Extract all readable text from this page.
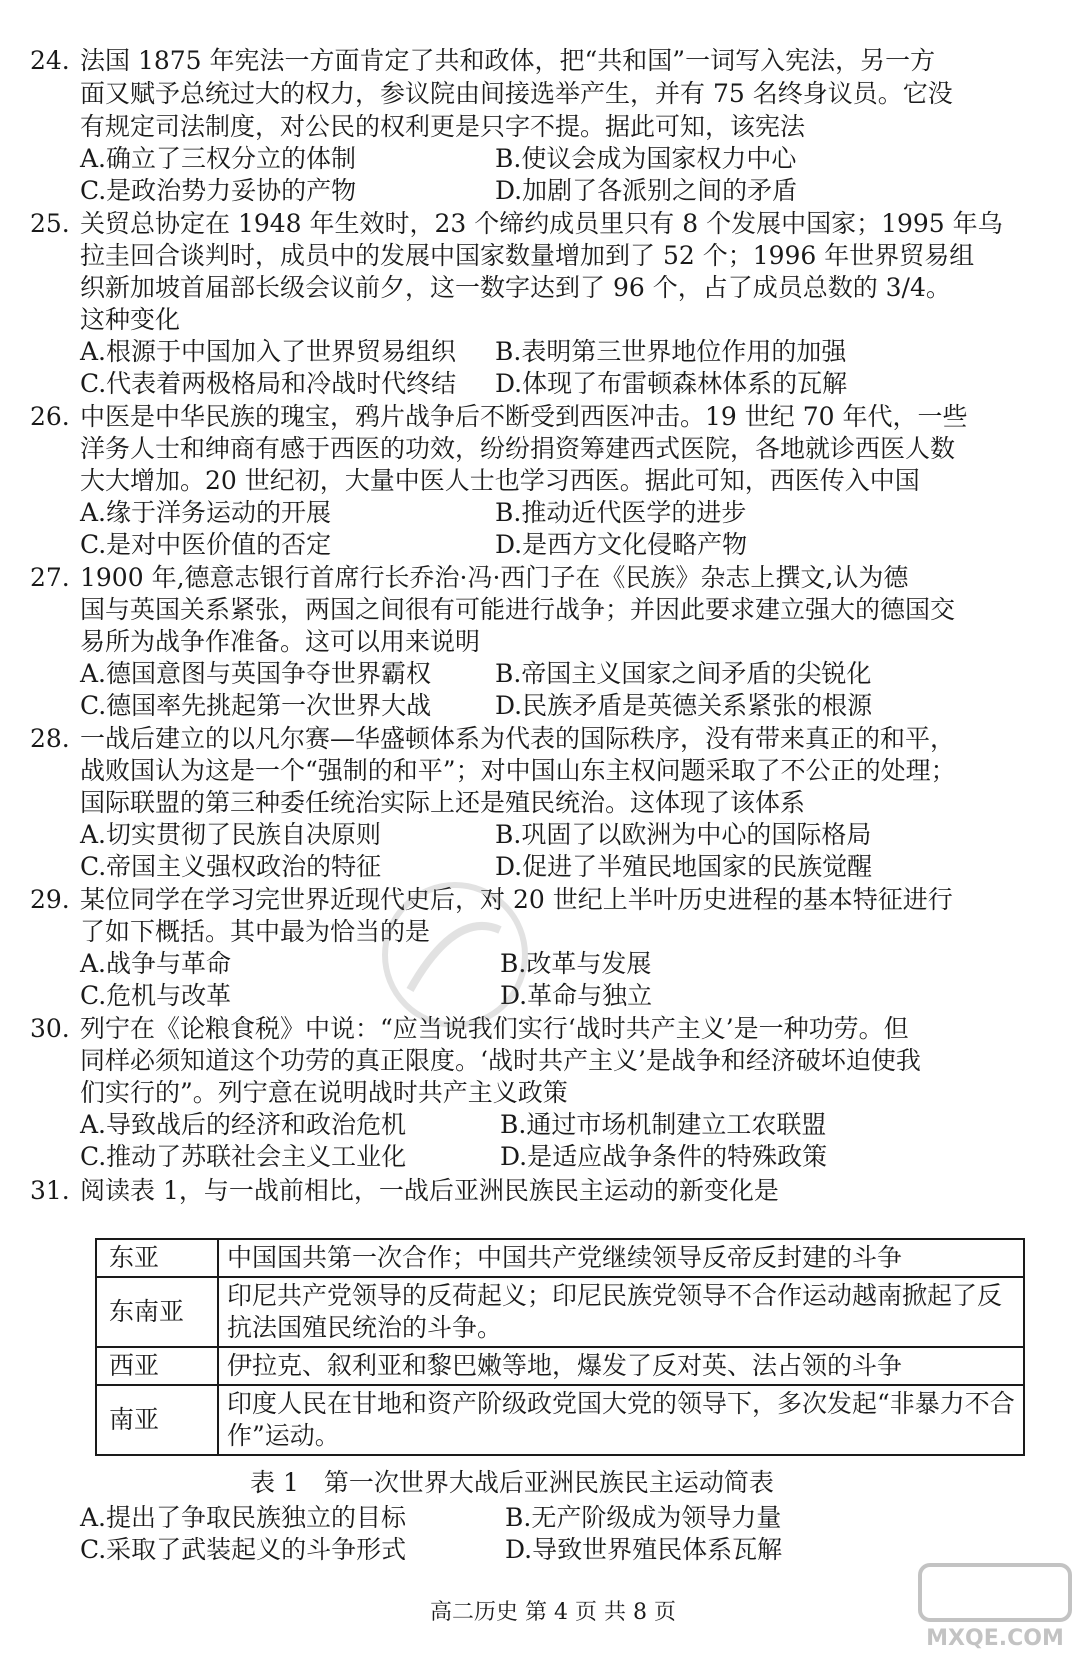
24. 法国 1875 年宪法一方面肯定了共和政体，把“共和国”一词写入宪法，另一方
面又赋予总统过大的权力，参议院由间接选举产生，并有 75 名终身议员。它没
有规定司法制度，对公民的权利更是只字不提。据此可知，该宪法
A.确立了三权分立的体制	B.使议会成为国家权力中心
C.是政治势力妥协的产物	D.加剧了各派别之间的矛盾
25. 关贸总协定在 1948 年生效时，23 个缔约成员里只有 8 个发展中国家；1995 年乌
拉圭回合谈判时，成员中的发展中国家数量增加到了 52 个；1996 年世界贸易组
织新加坡首届部长级会议前夕，这一数字达到了 96 个，占了成员总数的 3/4。
这种变化
A.根源于中国加入了世界贸易组织 B.表明第三世界地位作用的加强
C.代表着两极格局和冷战时代终结 D.体现了布雷顿森林体系的瓦解
26. 中医是中华民族的瑰宝，鸦片战争后不断受到西医冲击。19 世纪 70 年代，一些
洋务人士和绅商有感于西医的功效，纷纷捐资筹建西式医院，各地就诊西医人数
大大增加。20 世纪初，大量中医人士也学习西医。据此可知，西医传入中国
A.缘于洋务运动的开展	B.推动近代医学的进步
C.是对中医价值的否定	D.是西方文化侵略产物
27. 1900 年,德意志银行首席行长乔治·冯·西门子在《民族》杂志上撰文,认为德
国与英国关系紧张，两国之间很有可能进行战争；并因此要求建立强大的德国交
易所为战争作准备。这可以用来说明
A.德国意图与英国争夺世界霸权	B.帝国主义国家之间矛盾的尖锐化
C.德国率先挑起第一次世界大战	D.民族矛盾是英德关系紧张的根源
28. 一战后建立的以凡尔赛—华盛顿体系为代表的国际秩序，没有带来真正的和平，
战败国认为这是一个“强制的和平”；对中国山东主权问题采取了不公正的处理；
国际联盟的第三种委任统治实际上还是殖民统治。这体现了该体系
A.切实贯彻了民族自决原则	B.巩固了以欧洲为中心的国际格局
C.帝国主义强权政治的特征	D.促进了半殖民地国家的民族觉醒
29. 某位同学在学习完世界近现代史后，对 20 世纪上半叶历史进程的基本特征进行
了如下概括。其中最为恰当的是
A.战争与革命	B.改革与发展
C.危机与改革	D.革命与独立
30. 列宁在《论粮食税》中说：“应当说我们实行‘战时共产主义’是一种功劳。但
同样必须知道这个功劳的真正限度。‘战时共产主义’是战争和经济破坏迫使我
们实行的”。列宁意在说明战时共产主义政策
A.导致战后的经济和政治危机	B.通过市场机制建立工农联盟
C.推动了苏联社会主义工业化	D.是适应战争条件的特殊政策
31. 阅读表 1，与一战前相比，一战后亚洲民族民主运动的新变化是
东亚	中国国共第一次合作；中国共产党继续领导反帝反封建的斗争
东南亚	印尼共产党领导的反荷起义；印尼民族党领导不合作运动越南掀起了反抗法国殖民统治的斗争。
西亚	伊拉克、叙利亚和黎巴嫩等地，爆发了反对英、法占领的斗争
南亚	印度人民在甘地和资产阶级政党国大党的领导下，多次发起“非暴力不合作”运动。
表 1　第一次世界大战后亚洲民族民主运动简表
A.提出了争取民族独立的目标	B.无产阶级成为领导力量
C.采取了武装起义的斗争形式	D.导致世界殖民体系瓦解
高二历史 第 4 页 共 8 页
MXQE.COM
